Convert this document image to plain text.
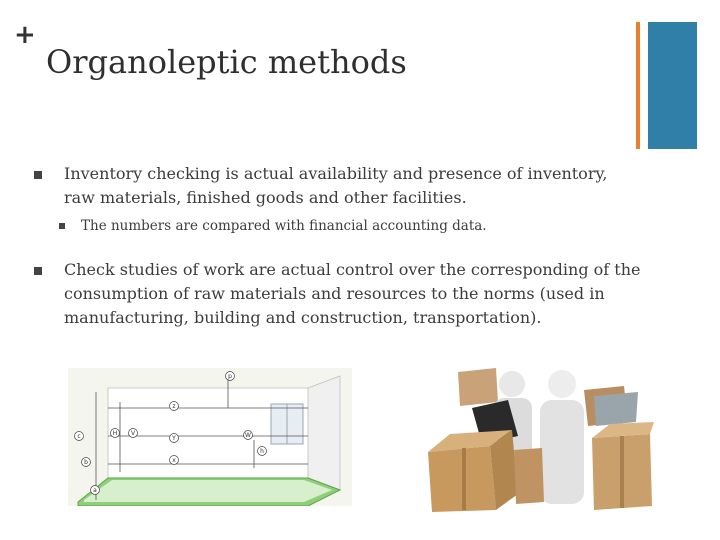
+
Organoleptic methods
Inventory checking is actual availability and presence of inventory, raw materials, finished goods and other facilities.
The numbers are compared with financial accounting data.
Check studies of work are actual control over the corresponding of the consumption of raw materials and resources to the norms (used in manufacturing, building and construction, transportation).
p
z
c	H V
Y	W
b	x
h
a
